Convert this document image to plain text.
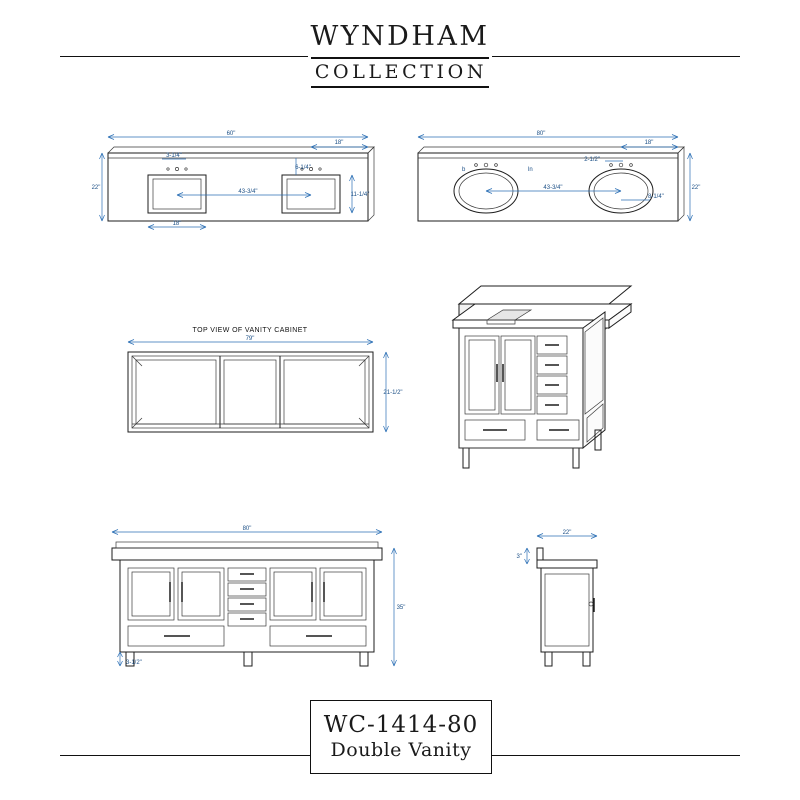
WYNDHAM
COLLECTION
60"
18"
22"
3-1/4"
6-1/4"
43-3/4"	11-1/4"
18"
80"
18"
22"
2-1/2"
43-3/4"
8-1/4"
b	ln
TOP VIEW OF VANITY CABINET
79"
21-1/2"
80"
35"
3-1/2"
22"
3"
WC-1414-80
Double Vanity
